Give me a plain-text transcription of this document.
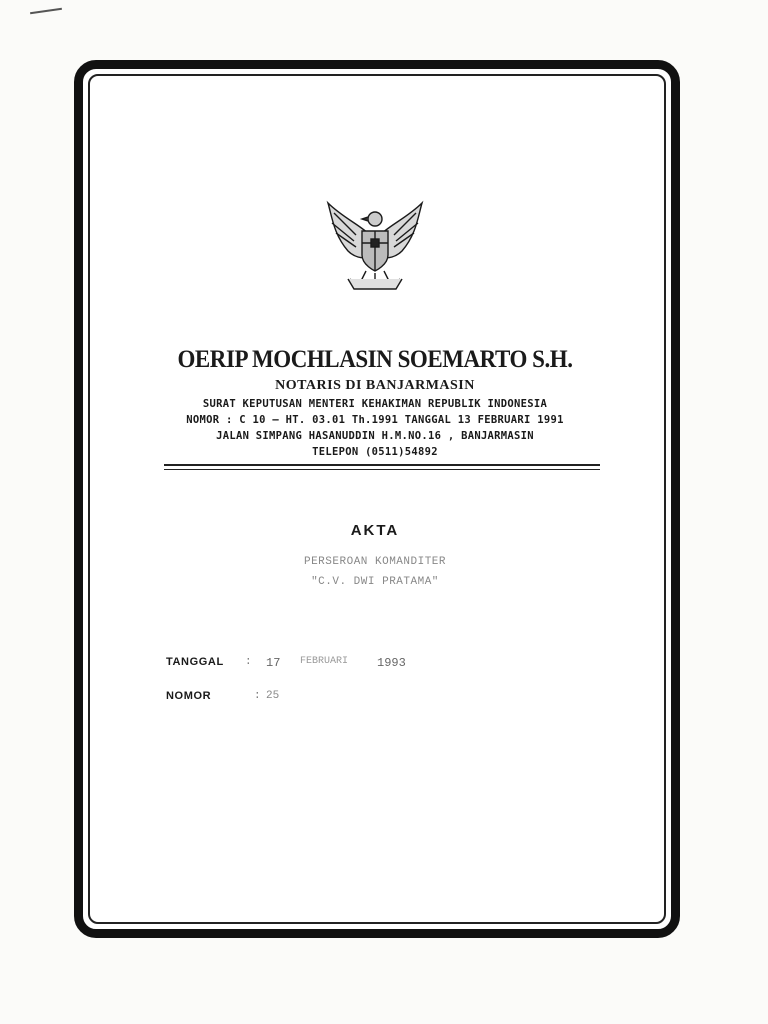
OERIP MOCHLASIN SOEMARTO S.H.
NOTARIS DI BANJARMASIN
SURAT KEPUTUSAN MENTERI KEHAKIMAN REPUBLIK INDONESIA
NOMOR : C 10 – HT. 03.01 Th.1991 TANGGAL 13 FEBRUARI 1991
JALAN SIMPANG HASANUDDIN H.M.NO.16 , BANJARMASIN
TELEPON (0511)54892
AKTA
PERSEROAN KOMANDITER
"C.V. DWI PRATAMA"
TANGGAL : 17 FEBRUARI 1993
NOMOR	: 25
